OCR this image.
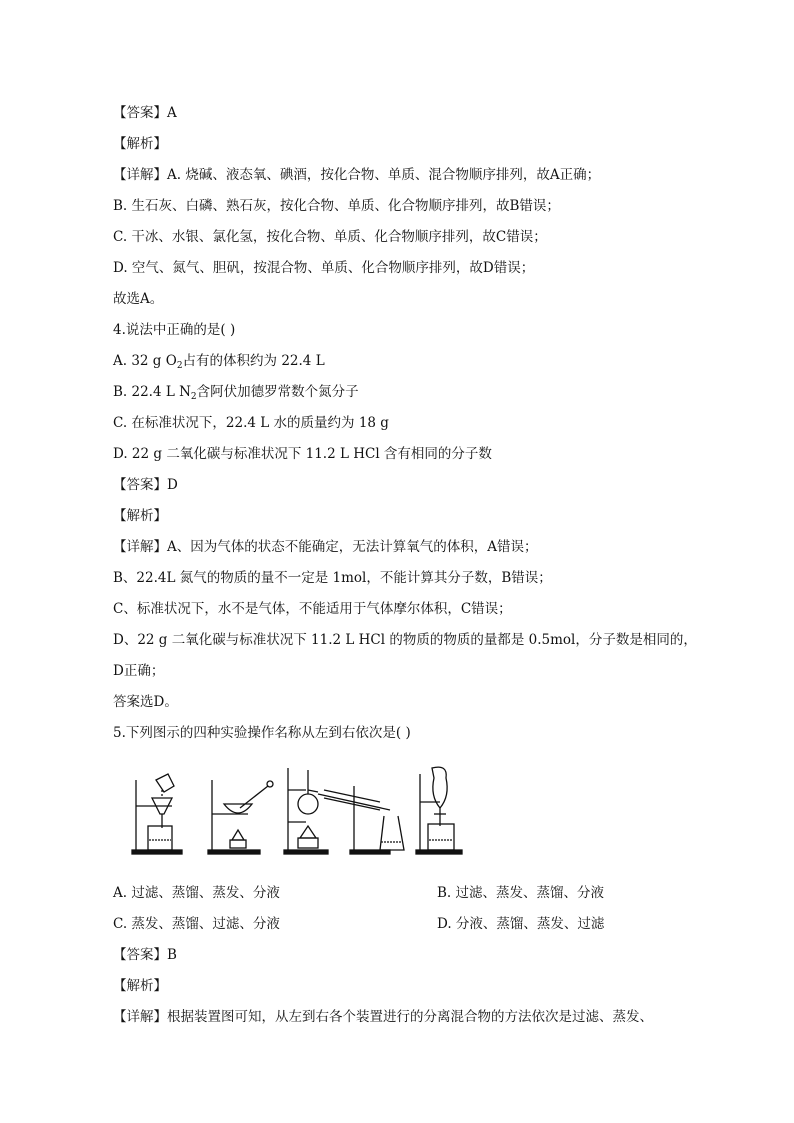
【答案】A
【解析】
【详解】A. 烧碱、液态氧、碘酒，按化合物、单质、混合物顺序排列，故A正确；
B. 生石灰、白磷、熟石灰，按化合物、单质、化合物顺序排列，故B错误；
C. 干冰、水银、氯化氢，按化合物、单质、化合物顺序排列，故C错误；
D. 空气、氮气、胆矾，按混合物、单质、化合物顺序排列，故D错误；
故选A。
4.说法中正确的是( )
A. 32 g $O_2$占有的体积约为 22.4 L
B. 22.4 L $N_2$含阿伏加德罗常数个氮分子
C. 在标准状况下，22.4 L 水的质量约为 18 g
D. 22 g 二氧化碳与标准状况下 11.2 L HCl 含有相同的分子数
【答案】D
【解析】
【详解】A、因为气体的状态不能确定，无法计算氧气的体积，A错误；
B、22.4L 氮气的物质的量不一定是 1mol，不能计算其分子数，B错误；
C、标准状况下，水不是气体，不能适用于气体摩尔体积，C错误；
D、22 g 二氧化碳与标准状况下 11.2 L HCl 的物质的物质的量都是 0.5mol，分子数是相同的，
D正确；
答案选D。
5.下列图示的四种实验操作名称从左到右依次是( )
A. 过滤、蒸馏、蒸发、分液	B. 过滤、蒸发、蒸馏、分液
C. 蒸发、蒸馏、过滤、分液	D. 分液、蒸馏、蒸发、过滤
【答案】B
【解析】
【详解】根据装置图可知，从左到右各个装置进行的分离混合物的方法依次是过滤、蒸发、
